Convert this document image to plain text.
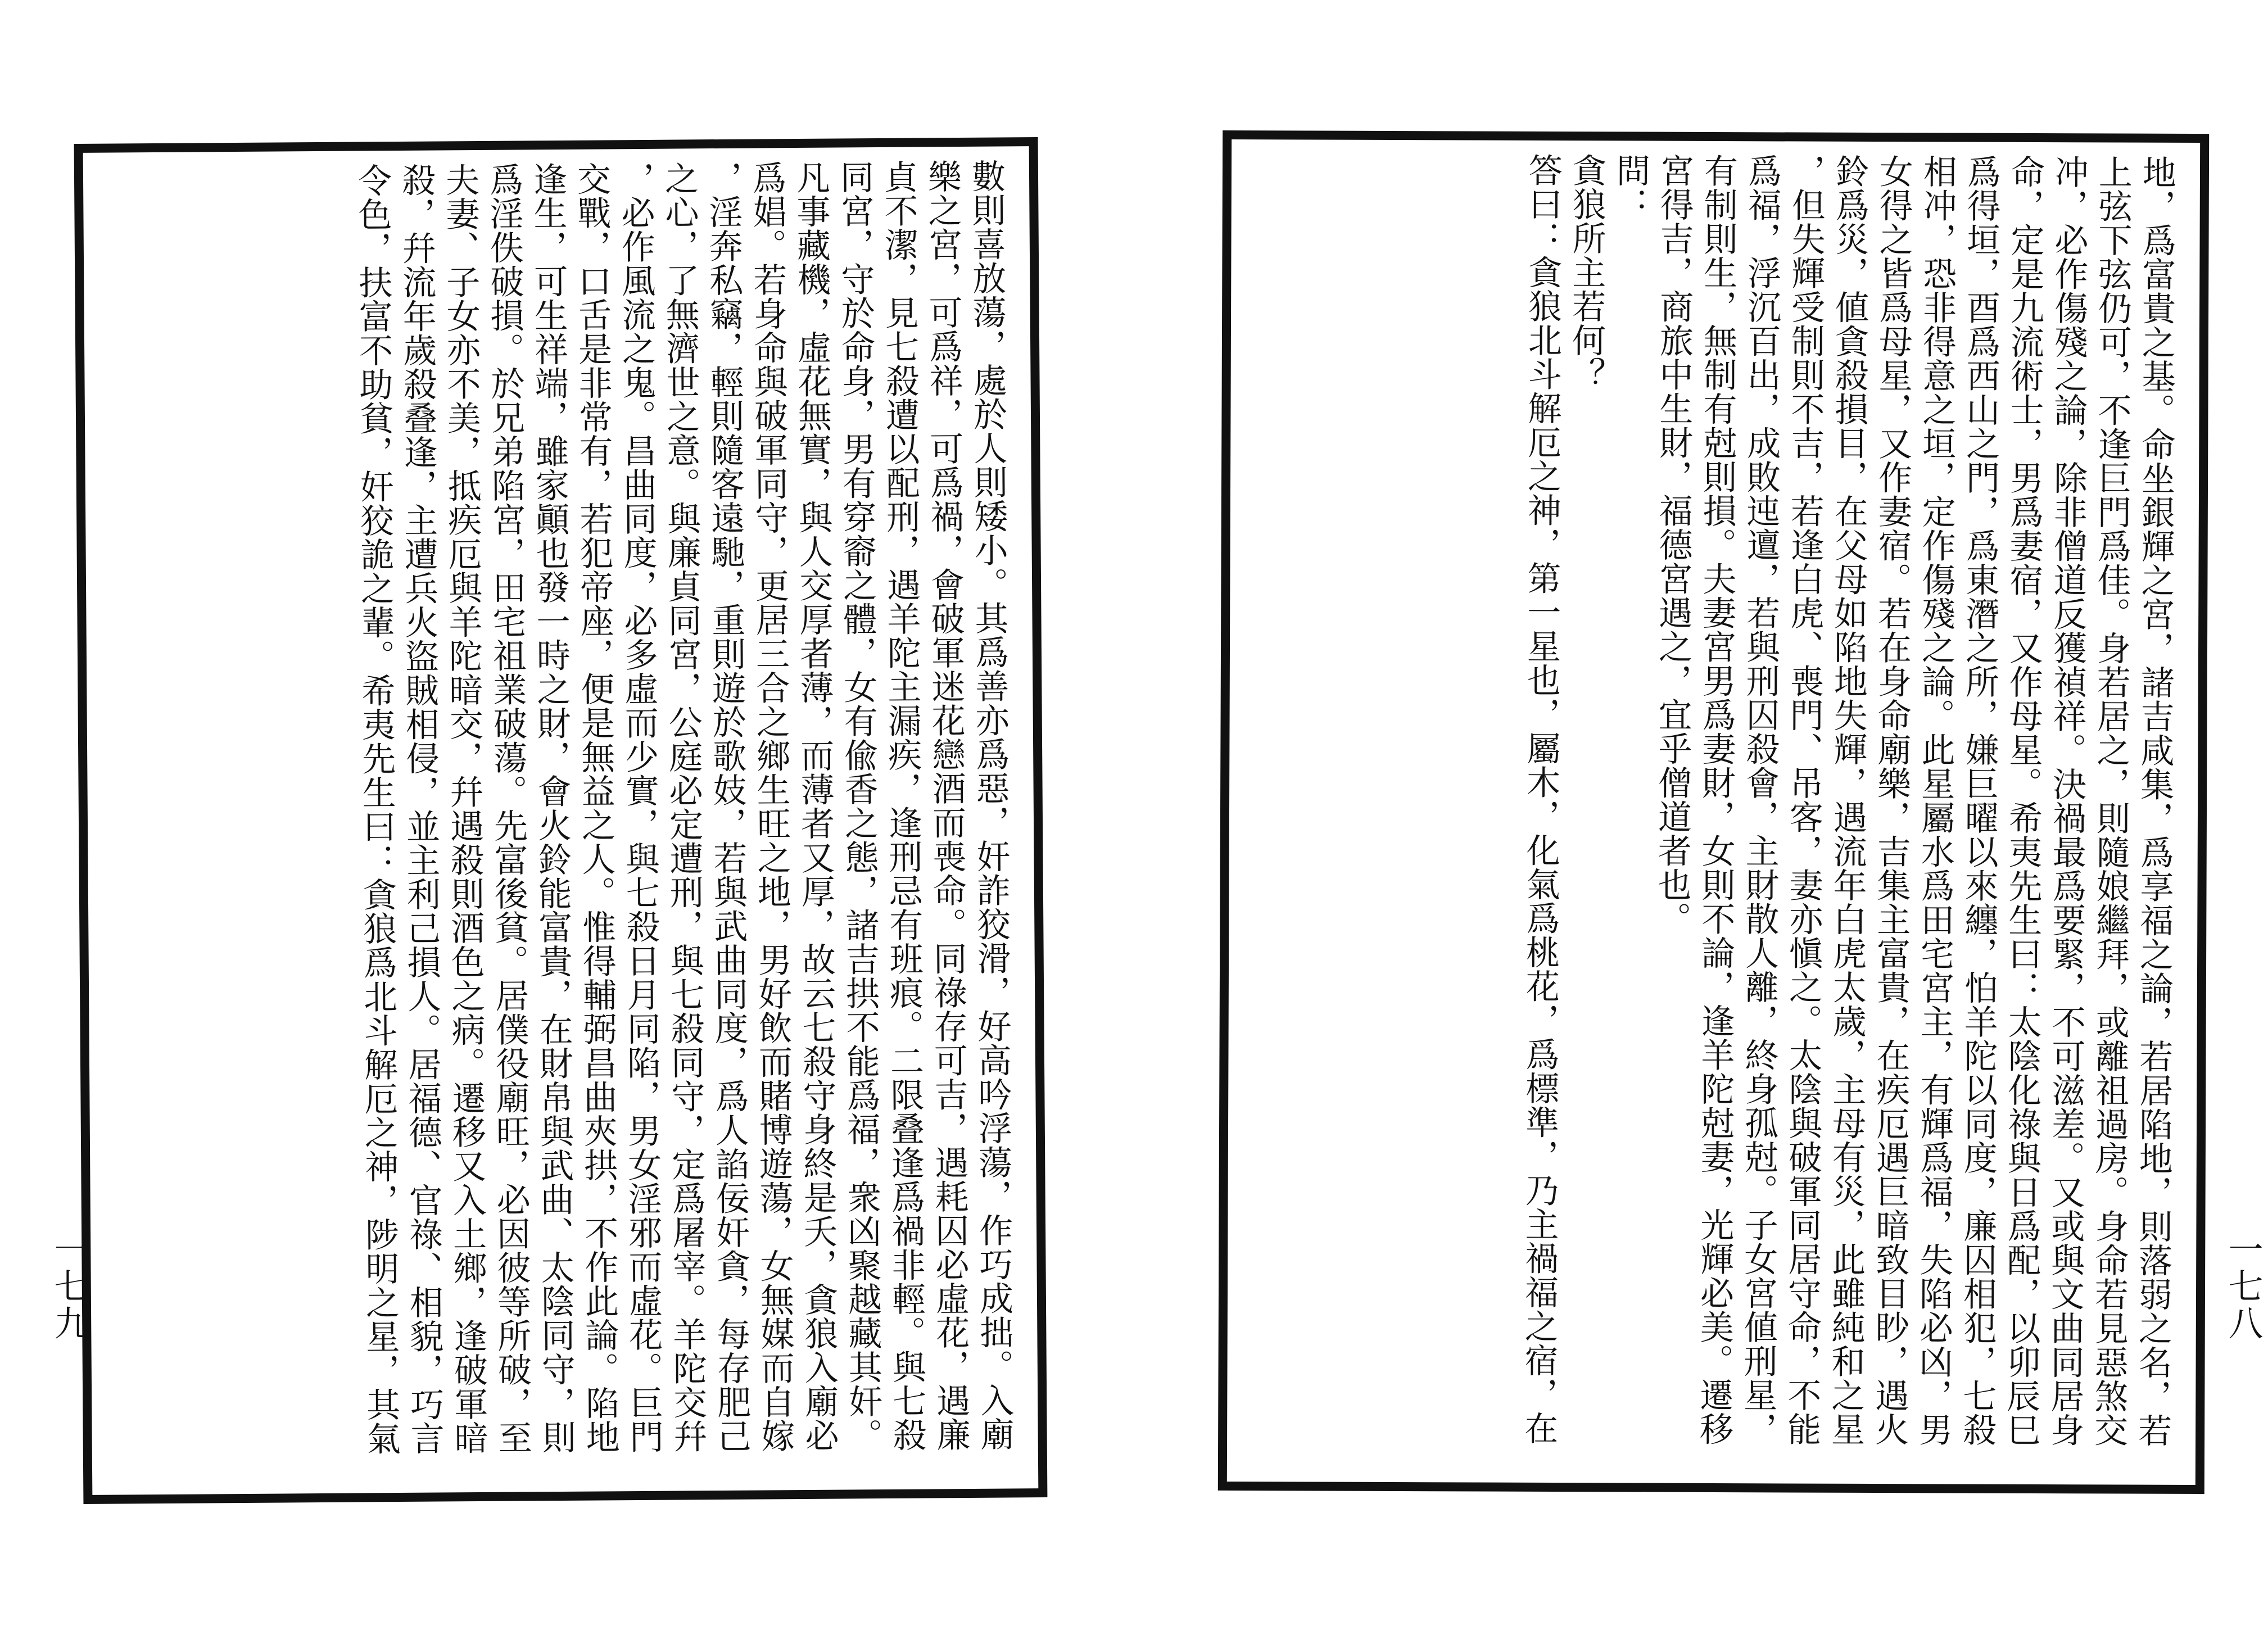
數則喜放蕩，處於人則矮小。其爲善亦爲惡，奸詐狡滑，好高吟浮蕩，作巧成拙。入廟
樂之宮，可爲祥，可爲禍，會破軍迷花戀酒而喪命。同祿存可吉，遇耗囚必虛花，遇廉
貞不潔，見七殺遭以配刑，遇羊陀主漏疾，逢刑忌有班痕。二限叠逢爲禍非輕。與七殺
同宮，守於命身，男有穿窬之體，女有偸香之態，諸吉拱不能爲福，衆凶聚越藏其奸。
凡事藏機，虛花無實，與人交厚者薄，而薄者又厚，故云七殺守身終是夭，貪狼入廟必
爲娼。若身命與破軍同守，更居三合之鄉生旺之地，男好飲而賭博遊蕩，女無媒而自嫁
，淫奔私竊，輕則隨客遠馳，重則遊於歌妓，若與武曲同度，爲人諂佞奸貪，每存肥己
之心，了無濟世之意。與廉貞同宮，公庭必定遭刑，與七殺同守，定爲屠宰。羊陀交幷
，必作風流之鬼。昌曲同度，必多虛而少實，與七殺日月同陷，男女淫邪而虛花。巨門
交戰，口舌是非常有，若犯帝座，便是無益之人。惟得輔弼昌曲夾拱，不作此論。陷地
逢生，可生祥端，雖家顚也發一時之財，會火鈴能富貴，在財帛與武曲、太陰同守，則
爲淫佚破損。於兄弟陷宮，田宅祖業破蕩。先富後貧。居僕役廟旺，必因彼等所破，至
夫妻、子女亦不美，抵疾厄與羊陀暗交，幷遇殺則酒色之病。遷移又入土鄉，逢破軍暗
殺，幷流年歲殺叠逢，主遭兵火盜賊相侵，並主利己損人。居福德、官祿、相貌，巧言
令色，扶富不助貧，奸狡詭之輩。希夷先生曰：貪狼爲北斗解厄之神，陟明之星，其氣
一七九	地，爲富貴之基。命坐銀輝之宮，諸吉咸集，爲享福之論，若居陷地，則落弱之名，若
上弦下弦仍可，不逢巨門爲佳。身若居之，則隨娘繼拜，或離祖過房。身命若見惡煞交
冲，必作傷殘之論，除非僧道反獲禎祥。決禍最爲要緊，不可滋差。又或與文曲同居身
命，定是九流術士，男爲妻宿，又作母星。希夷先生曰：太陰化祿與日爲配，以卯辰巳
爲得垣，酉爲西山之門，爲東潛之所，嫌巨曜以來纏，怕羊陀以同度，廉囚相犯，七殺
相冲，恐非得意之垣，定作傷殘之論。此星屬水爲田宅宮主，有輝爲福，失陷必凶，男
女得之皆爲母星，又作妻宿。若在身命廟樂，吉集主富貴，在疾厄遇巨暗致目眇，遇火
鈴爲災，値貪殺損目，在父母如陷地失輝，遇流年白虎太歲，主母有災，此雖純和之星
，但失輝受制則不吉，若逢白虎、喪門、吊客，妻亦愼之。太陰與破軍同居守命，不能
爲福，浮沉百出，成敗迍邅，若與刑囚殺會，主財散人離，終身孤尅。子女宮値刑星，
有制則生，無制有尅則損。夫妻宮男爲妻財，女則不論，逢羊陀尅妻，光輝必美。遷移
宮得吉，商旅中生財，福德宮遇之，宜乎僧道者也。
問：
貪狼所主若何？
答曰：貪狼北斗解厄之神，第一星也，屬木，化氣爲桃花，爲標準，乃主禍福之宿，在	一七八
